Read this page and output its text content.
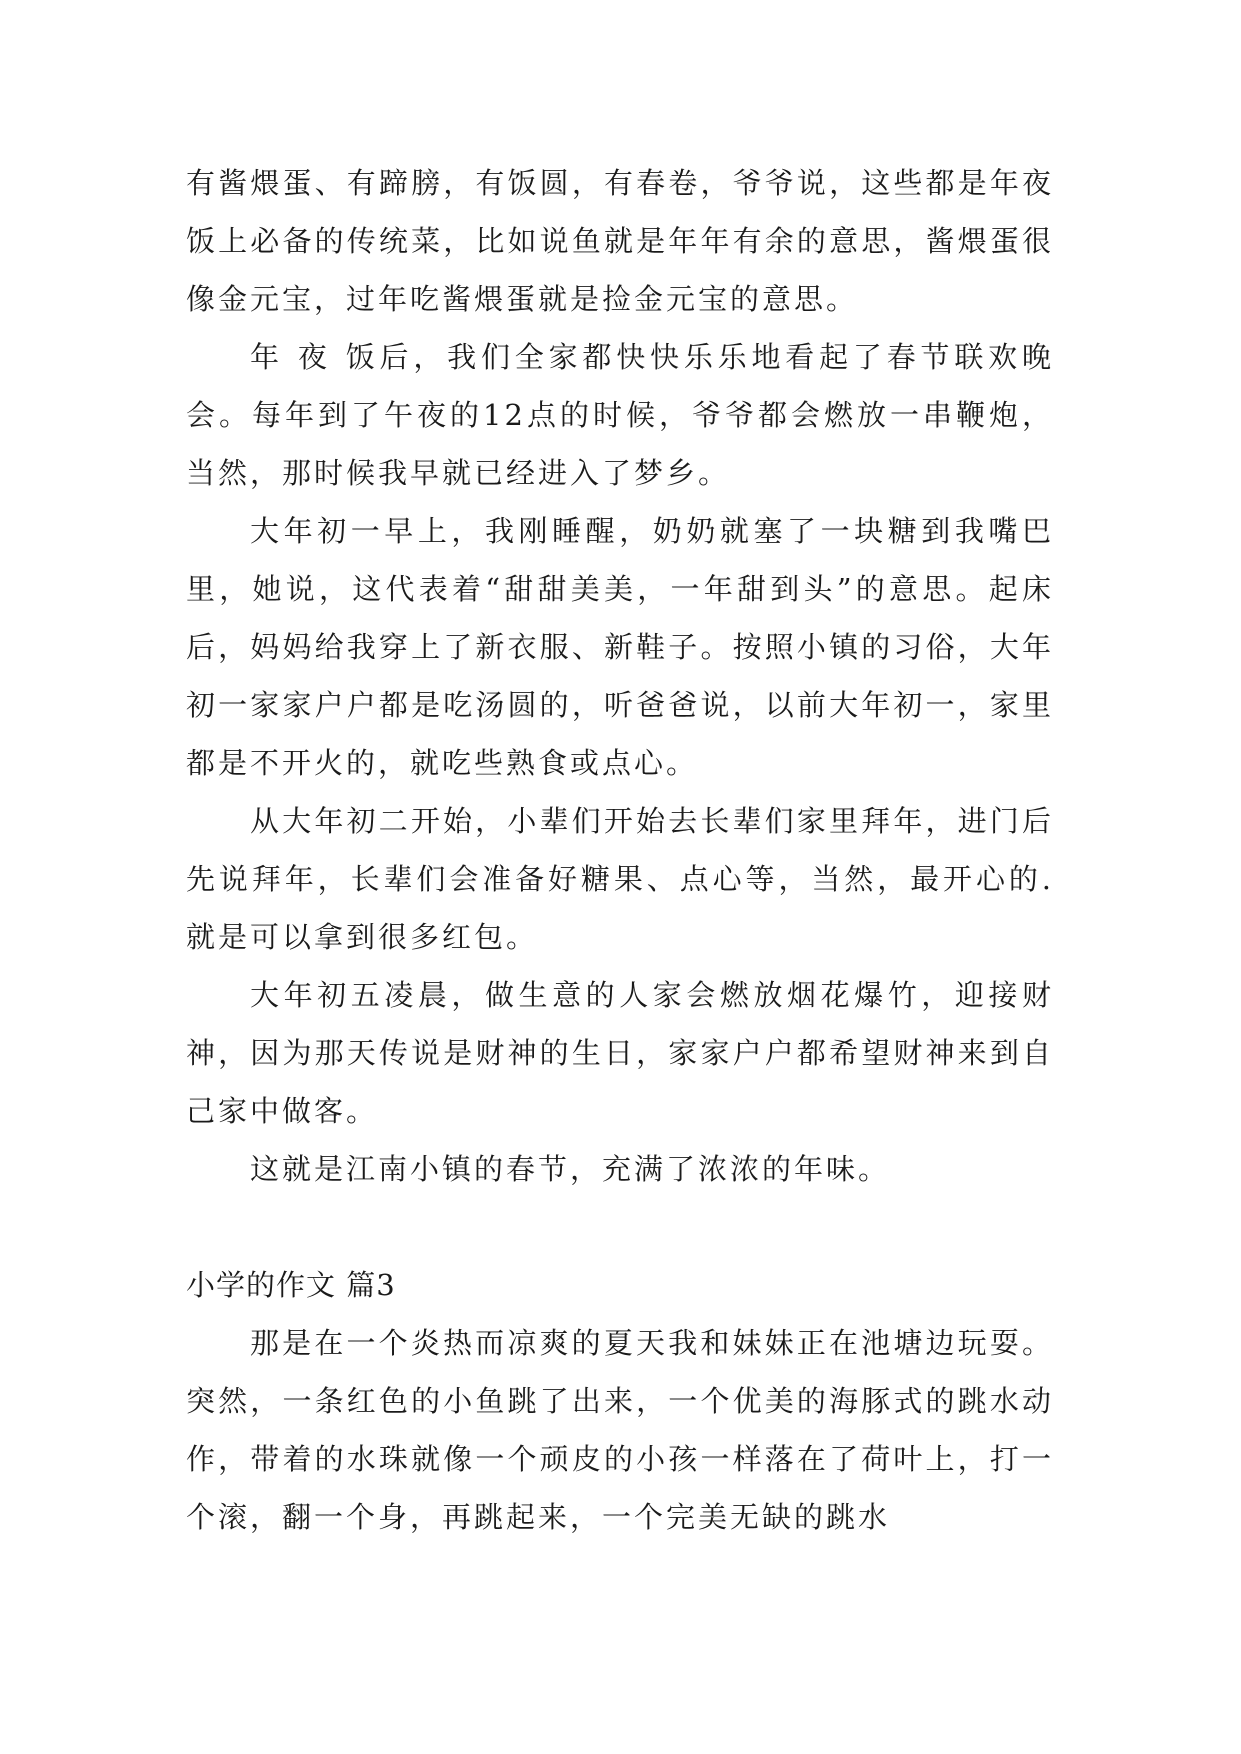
有酱煨蛋、有蹄膀，有饭圆，有春卷，爷爷说，这些都是年夜 饭上必备的传统菜，比如说鱼就是年年有余的意思，酱煨蛋很像金元宝，过年吃酱煨蛋就是捡金元宝的意思。

年 夜 饭后，我们全家都快快乐乐地看起了春节联欢晚会。每年到了午夜的12点的时候，爷爷都会燃放一串鞭炮，当然，那时候我早就已经进入了梦乡。

大年初一早上，我刚睡醒，奶奶就塞了一块糖到我嘴巴里，她说，这代表着“甜甜美美，一年甜到头”的意思。起床后，妈妈给我穿上了新衣服、新鞋子。按照小镇的习俗，大年初一家家户户都是吃汤圆的，听爸爸说，以前大年初一，家里都是不开火的，就吃些熟食或点心。

从大年初二开始，小辈们开始去长辈们家里拜年，进门后先说拜年，长辈们会准备好糖果、点心等，当然，最开心的.就是可以拿到很多红包。

大年初五凌晨，做生意的人家会燃放烟花爆竹，迎接财神，因为那天传说是财神的生日，家家户户都希望财神来到自己家中做客。

这就是江南小镇的春节，充满了浓浓的年味。

小学的作文 篇3

那是在一个炎热而凉爽的夏天我和妹妹正在池塘边玩耍。突然，一条红色的小鱼跳了出来，一个优美的海豚式的跳水动作，带着的水珠就像一个顽皮的小孩一样落在了荷叶上，打一个滚，翻一个身，再跳起来，一个完美无缺的跳水
